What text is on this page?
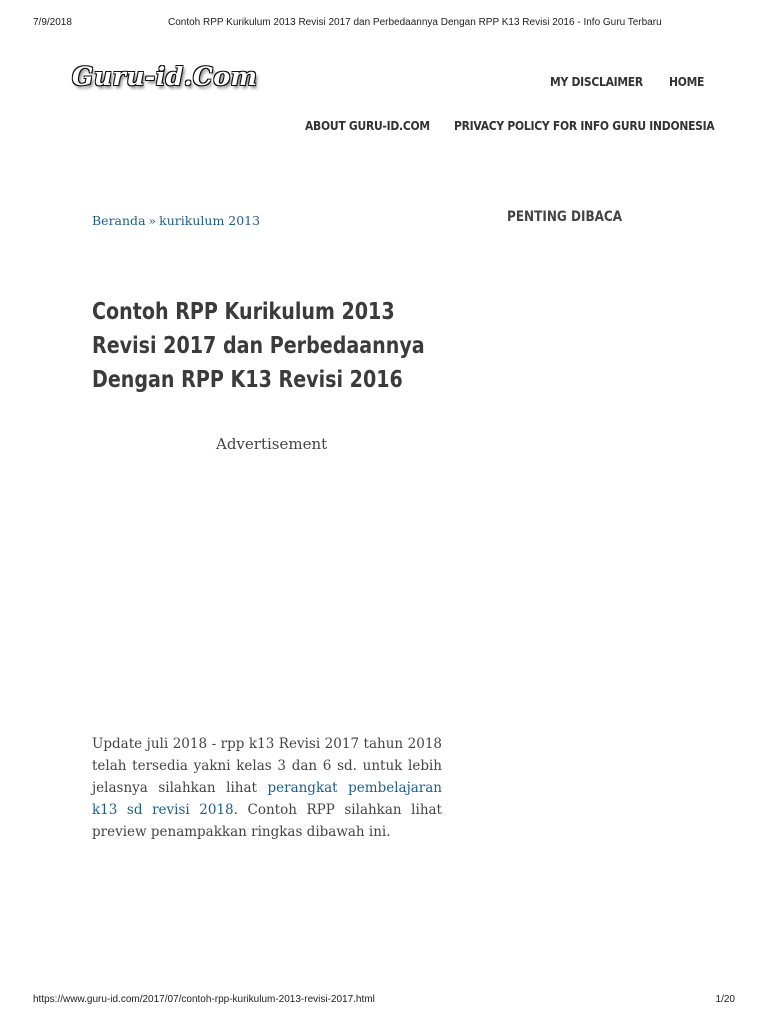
7/9/2018	Contoh RPP Kurikulum 2013 Revisi 2017 dan Perbedaannya Dengan RPP K13 Revisi 2016 - Info Guru Terbaru
Guru-id.Com	MY DISCLAIMER HOME
ABOUT GURU-ID.COM PRIVACY POLICY FOR INFO GURU INDONESIA
Beranda » kurikulum 2013	PENTING DIBACA
Contoh RPP Kurikulum 2013 Revisi 2017 dan Perbedaannya Dengan RPP K13 Revisi 2016
Advertisement

Update juli 2018 - rpp k13 Revisi 2017 tahun 2018 telah tersedia yakni kelas 3 dan 6 sd. untuk lebih jelasnya silahkan lihat perangkat pembelajaran k13 sd revisi 2018. Contoh RPP silahkan lihat preview penampakkan ringkas dibawah ini.

https://www.guru-id.com/2017/07/contoh-rpp-kurikulum-2013-revisi-2017.html	1/20
